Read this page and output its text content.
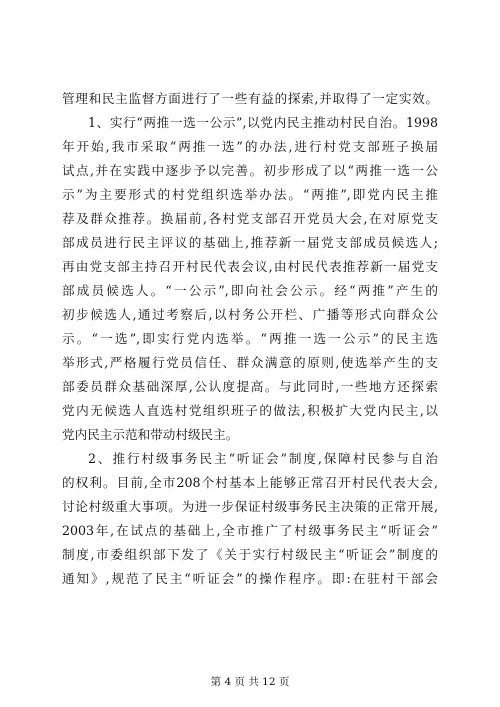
管理和民主监督方面进行了一些有益的探索,并取得了一定实效。
1、实行“两推一选一公示”,以党内民主推动村民自治。1998
年开始,我市采取“两推一选”的办法,进行村党支部班子换届
试点,并在实践中逐步予以完善。初步形成了以“两推一选一公
示”为主要形式的村党组织选举办法。“两推”,即党内民主推
荐及群众推荐。换届前,各村党支部召开党员大会,在对原党支
部成员进行民主评议的基础上,推荐新一届党支部成员候选人;
再由党支部主持召开村民代表会议,由村民代表推荐新一届党支
部成员候选人。“一公示”,即向社会公示。经“两推”产生的
初步候选人,通过考察后,以村务公开栏、广播等形式向群众公
示。“一选”,即实行党内选举。“两推一选一公示”的民主选
举形式,严格履行党员信任、群众满意的原则,使选举产生的支
部委员群众基础深厚,公认度提高。与此同时,一些地方还探索
党内无候选人直选村党组织班子的做法,积极扩大党内民主,以
党内民主示范和带动村级民主。
2、推行村级事务民主“听证会”制度,保障村民参与自治
的权利。目前,全市208个村基本上能够正常召开村民代表大会,
讨论村级重大事项。为进一步保证村级事务民主决策的正常开展,
2003年,在试点的基础上,全市推广了村级事务民主“听证会”
制度,市委组织部下发了《关于实行村级民主“听证会”制度的
通知》,规范了民主“听证会”的操作程序。即:在驻村干部会
第 4 页 共 12 页
